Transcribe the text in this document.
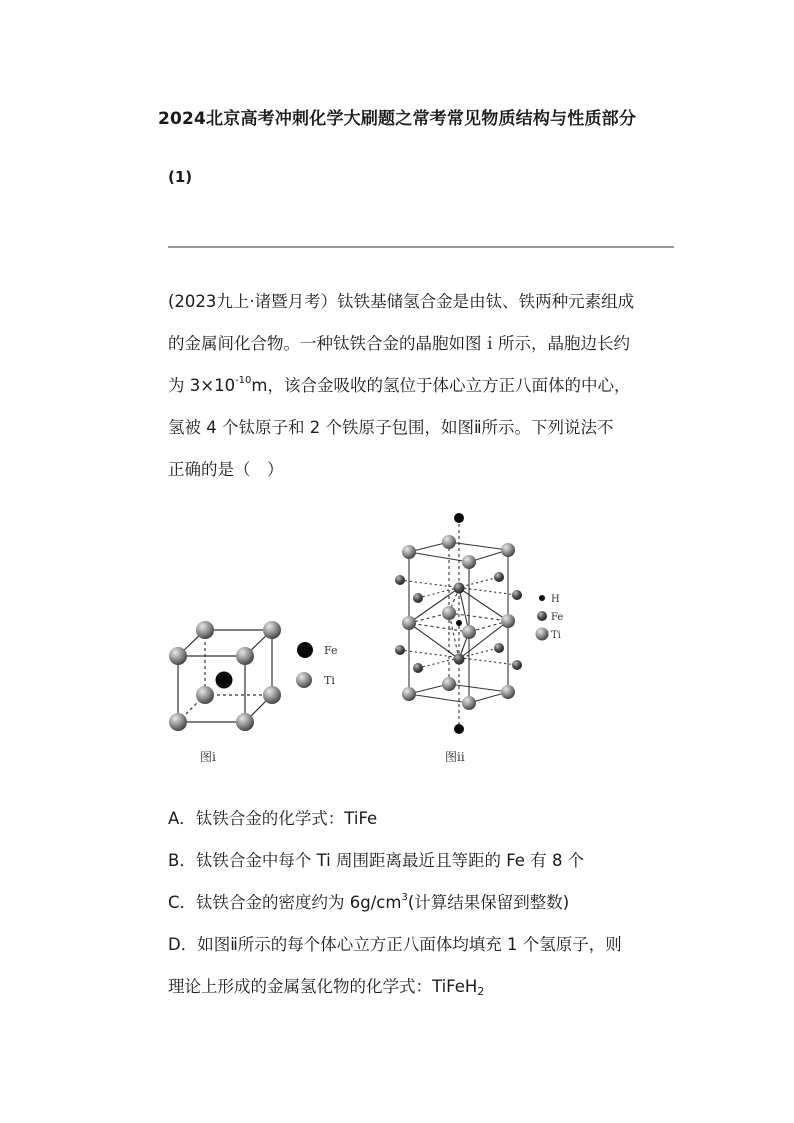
2024北京高考冲刺化学大刷题之常考常见物质结构与性质部分
(1)
(2023九上·诸暨月考）钛铁基储氢合金是由钛、铁两种元素组成
的金属间化合物。一种钛铁合金的晶胞如图ｉ所示，晶胞边长约
为 $3\times 10^{-10}m$，该合金吸收的氢位于体心立方正八面体的中心，
氢被 4 个钛原子和 2 个铁原子包围，如图ⅱ所示。下列说法不
正确的是（　）
Fe
Ti
图i
H
Fe
Ti
图ⅱ
A．钛铁合金的化学式：TiFe
B．钛铁合金中每个 Ti 周围距离最近且等距的 Fe 有 8 个
C．钛铁合金的密度约为 $6g/cm^3$(计算结果保留到整数)
D．如图ⅱ所示的每个体心立方正八面体均填充 1 个氢原子，则
理论上形成的金属氢化物的化学式：TiFeH$_2$
